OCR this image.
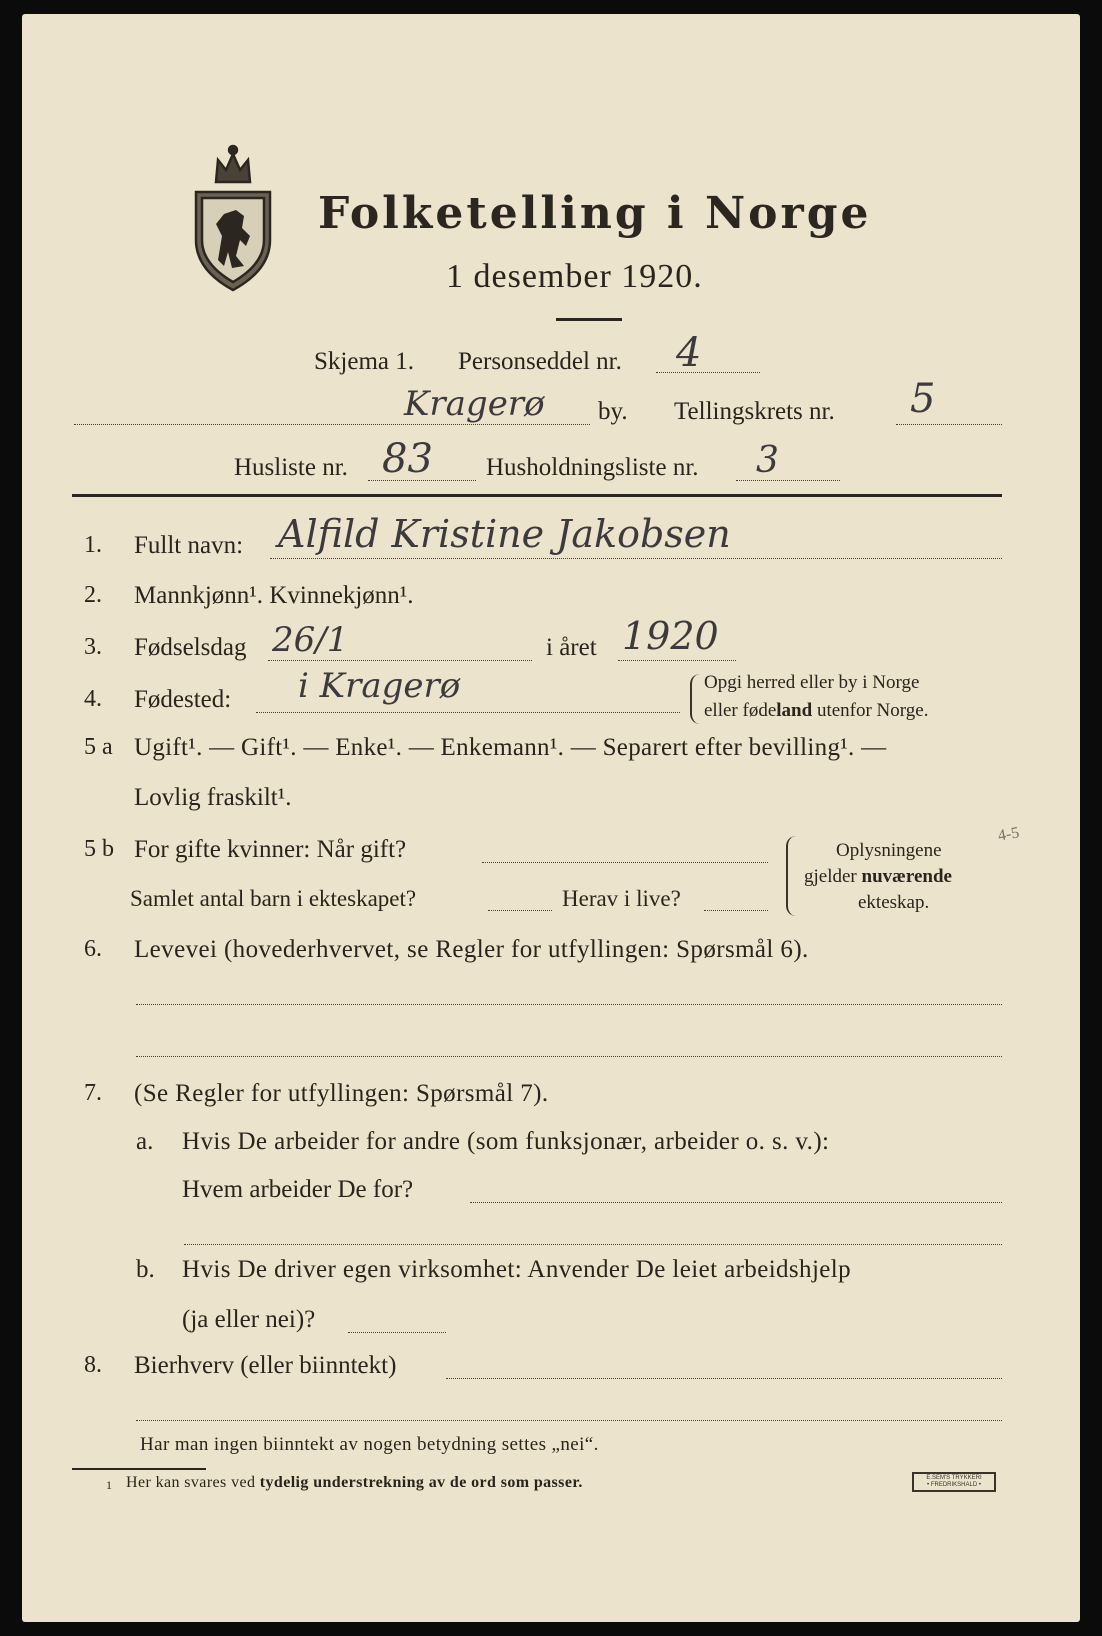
Folketelling i Norge
1 desember 1920.
Skjema 1. Personseddel nr. 4
Kragerø by. Tellingskrets nr. 5
Husliste nr. 83 Husholdningsliste nr. 3
1. Fullt navn: Alfild Kristine Jakobsen
2. Mannkjønn¹. Kvinnekjønn¹.
3. Fødselsdag 26/1	i året 1920
4. Fødested: i Kragerø	Opgi herred eller by i Norge
eller fødeland utenfor Norge.
5 a Ugift¹. — Gift¹. — Enke¹. — Enkemann¹. — Separert efter bevilling¹. —
Lovlig fraskilt¹.
5 b For gifte kvinner: Når gift?
Samlet antal barn i ekteskapet?	Herav i live?
Oplysningene
gjelder nuværende
ekteskap.
4-5
6. Levevei (hovederhvervet, se Regler for utfyllingen: Spørsmål 6).
7. (Se Regler for utfyllingen: Spørsmål 7).
a. Hvis De arbeider for andre (som funksjonær, arbeider o. s. v.):
Hvem arbeider De for?
b. Hvis De driver egen virksomhet: Anvender De leiet arbeidshjelp
(ja eller nei)?
8. Bierhverv (eller biinntekt)
Har man ingen biinntekt av nogen betydning settes „nei“.
1 Her kan svares ved tydelig understrekning av de ord som passer.	E.SEM'S TRYKKERI
• FREDRIKSHALD •
